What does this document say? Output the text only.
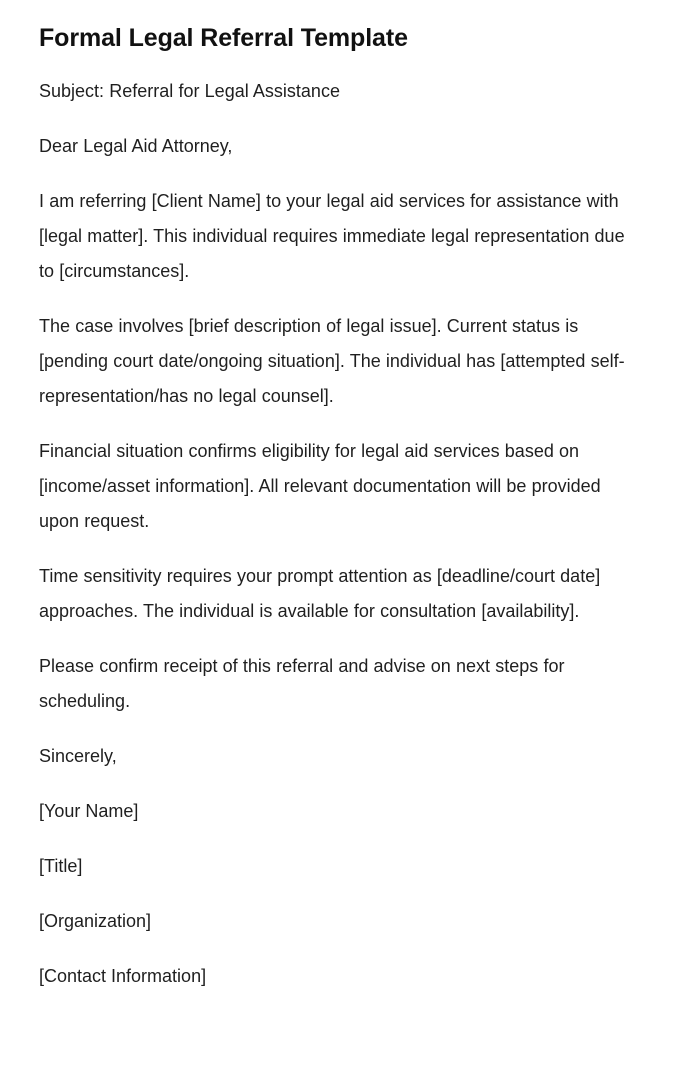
Formal Legal Referral Template

Subject: Referral for Legal Assistance

Dear Legal Aid Attorney,

I am referring [Client Name] to your legal aid services for assistance with [legal matter]. This individual requires immediate legal representation due to [circumstances].

The case involves [brief description of legal issue]. Current status is [pending court date/ongoing situation]. The individual has [attempted self-representation/has no legal counsel].

Financial situation confirms eligibility for legal aid services based on [income/asset information]. All relevant documentation will be provided upon request.

Time sensitivity requires your prompt attention as [deadline/court date] approaches. The individual is available for consultation [availability].

Please confirm receipt of this referral and advise on next steps for scheduling.

Sincerely,

[Your Name]

[Title]

[Organization]

[Contact Information]
